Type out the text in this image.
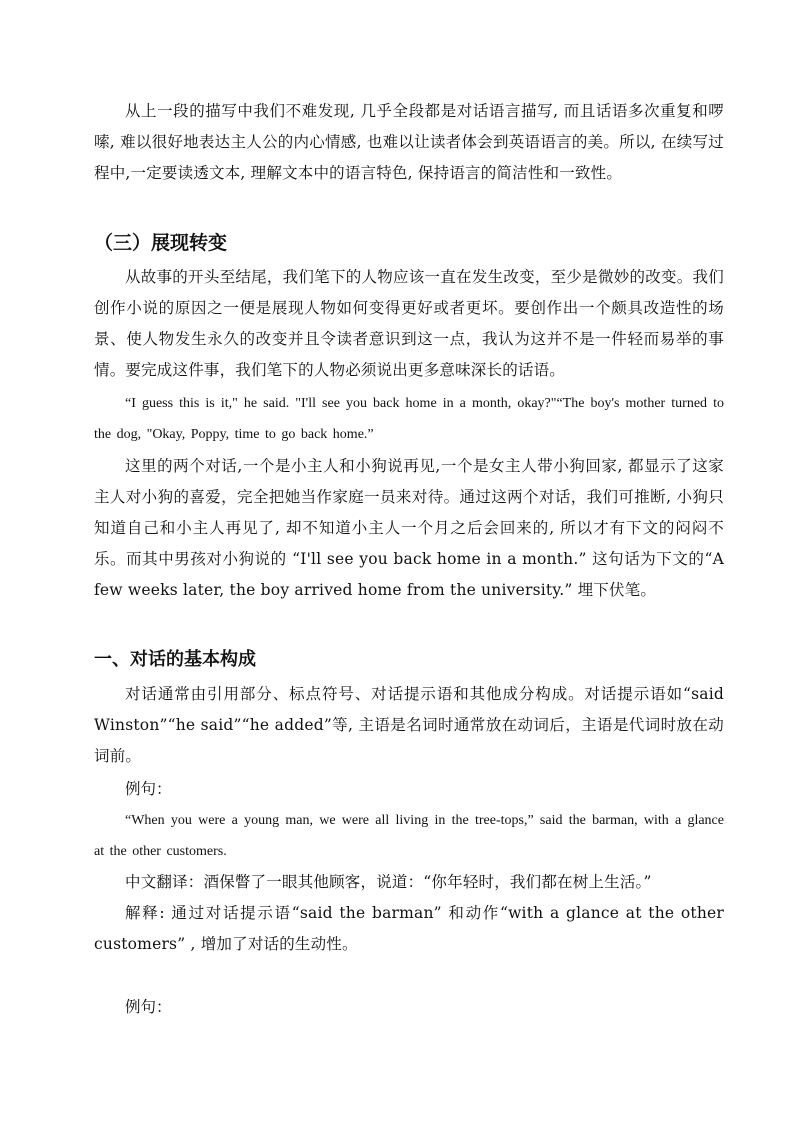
从上一段的描写中我们不难发现, 几乎全段都是对话语言描写, 而且话语多次重复和啰嗦, 难以很好地表达主人公的内心情感, 也难以让读者体会到英语语言的美。所以, 在续写过程中,一定要读透文本, 理解文本中的语言特色, 保持语言的简洁性和一致性。

（三）展现转变

从故事的开头至结尾，我们笔下的人物应该一直在发生改变，至少是微妙的改变。我们创作小说的原因之一便是展现人物如何变得更好或者更坏。要创作出一个颇具改造性的场景、使人物发生永久的改变并且令读者意识到这一点，我认为这并不是一件轻而易举的事情。要完成这件事，我们笔下的人物必须说出更多意味深长的话语。

“I guess this is it," he said. "I'll see you back home in a month, okay?"“The boy's mother turned to the dog, "Okay, Poppy, time to go back home.”

这里的两个对话,一个是小主人和小狗说再见,一个是女主人带小狗回家, 都显示了这家主人对小狗的喜爱，完全把她当作家庭一员来对待。通过这两个对话，我们可推断, 小狗只知道自己和小主人再见了, 却不知道小主人一个月之后会回来的, 所以才有下文的闷闷不乐。而其中男孩对小狗说的 “I'll see you back home in a month.” 这句话为下文的“A few weeks later, the boy arrived home from the university.” 埋下伏笔。

一、对话的基本构成

对话通常由引用部分、标点符号、对话提示语和其他成分构成。对话提示语如“said Winston”“he said”“he added”等, 主语是名词时通常放在动词后，主语是代词时放在动词前。

例句：

“When you were a young man, we were all living in the tree-tops,” said the barman, with a glance at the other customers.

中文翻译：酒保瞥了一眼其他顾客，说道：“你年轻时，我们都在树上生活。”

解释: 通过对话提示语“said the barman” 和动作“with a glance at the other customers” , 增加了对话的生动性。

例句：
